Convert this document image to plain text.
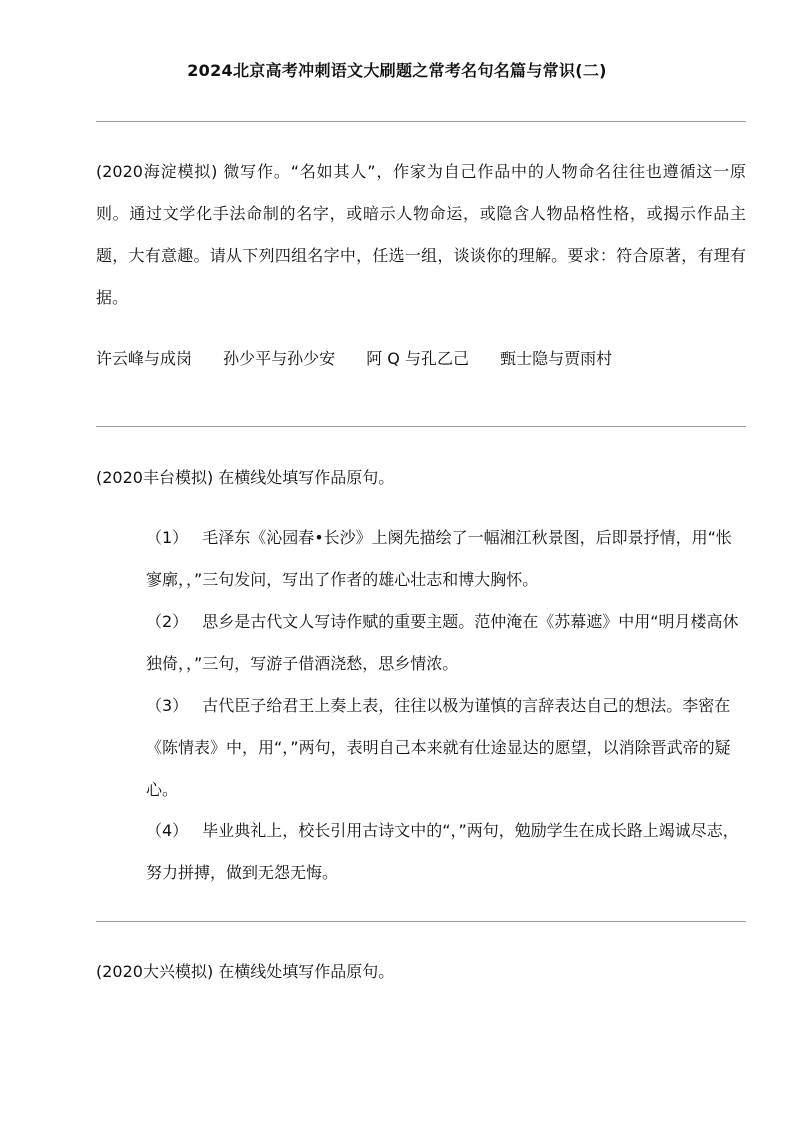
2024北京高考冲刺语文大刷题之常考名句名篇与常识(二)
(2020海淀模拟) 微写作。“名如其人”，作家为自己作品中的人物命名往往也遵循这一原则。通过文学化手法命制的名字，或暗示人物命运，或隐含人物品格性格，或揭示作品主题，大有意趣。请从下列四组名字中，任选一组，谈谈你的理解。要求：符合原著，有理有据。
许云峰与成岗 孙少平与孙少安 阿 Q 与孔乙己 甄士隐与贾雨村
(2020丰台模拟) 在横线处填写作品原句。
（1） 毛泽东《沁园春•长沙》上阕先描绘了一幅湘江秋景图，后即景抒情，用“怅寥廓，，”三句发问，写出了作者的雄心壮志和博大胸怀。
（2） 思乡是古代文人写诗作赋的重要主题。范仲淹在《苏幕遮》中用“明月楼高休独倚，，”三句，写游子借酒浇愁，思乡情浓。
（3） 古代臣子给君王上奏上表，往往以极为谨慎的言辞表达自己的想法。李密在《陈情表》中，用“，”两句，表明自己本来就有仕途显达的愿望，以消除晋武帝的疑心。
（4） 毕业典礼上，校长引用古诗文中的“，”两句，勉励学生在成长路上竭诚尽志，努力拼搏，做到无怨无悔。
(2020大兴模拟) 在横线处填写作品原句。
